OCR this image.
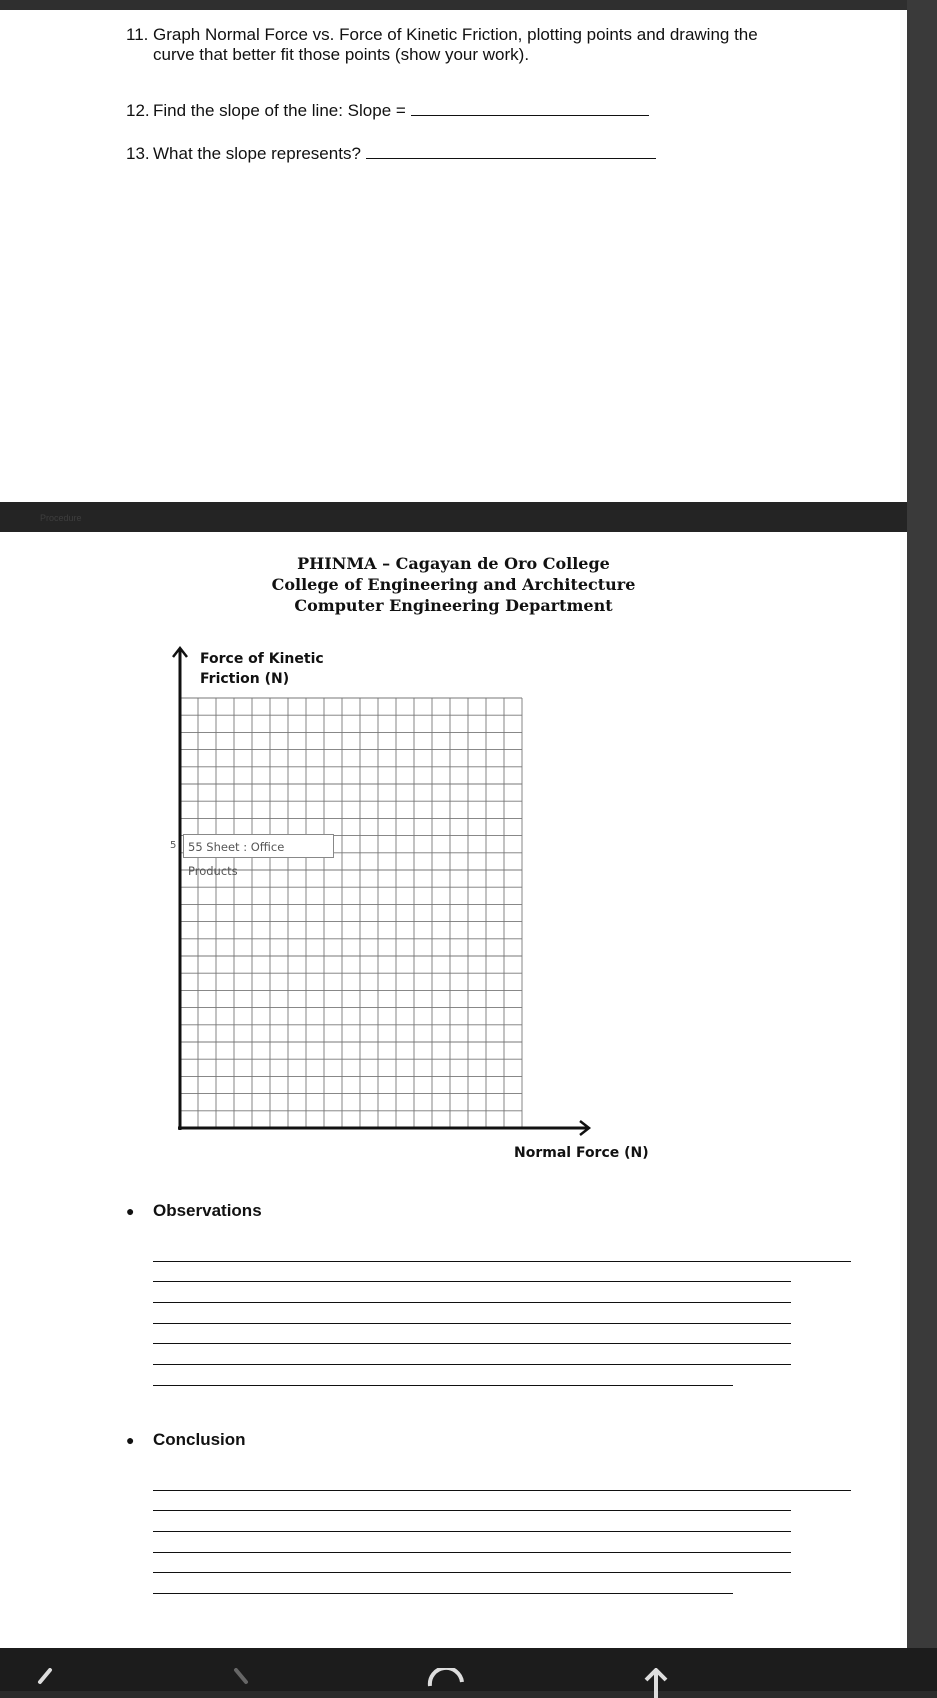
11. Graph Normal Force vs. Force of Kinetic Friction, plotting points and drawing the
curve that better fit those points (show your work).
12. Find the slope of the line: Slope =
13. What the slope represents?
Procedure
PHINMA – Cagayan de Oro College
College of Engineering and Architecture
Computer Engineering Department
Force of Kinetic
Friction (N)
Normal Force (N)
5	55 Sheet : Office Products
● Observations
● Conclusion
